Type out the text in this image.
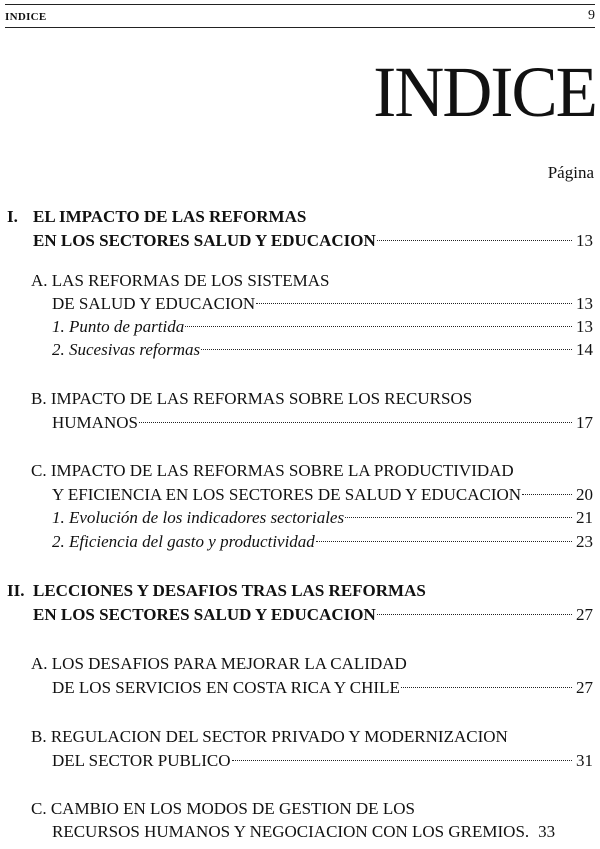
INDICE	9
INDICE
Página
I. EL IMPACTO DE LAS REFORMAS
EN LOS SECTORES SALUD Y EDUCACION	13
A. LAS REFORMAS DE LOS SISTEMAS
DE SALUD Y EDUCACION	13
1. Punto de partida	13
2. Sucesivas reformas	14
B. IMPACTO DE LAS REFORMAS SOBRE LOS RECURSOS
HUMANOS	17
C. IMPACTO DE LAS REFORMAS SOBRE LA PRODUCTIVIDAD
Y EFICIENCIA EN LOS SECTORES DE SALUD Y EDUCACION	20
1. Evolución de los indicadores sectoriales	21
2. Eficiencia del gasto y productividad	23
II. LECCIONES Y DESAFIOS TRAS LAS REFORMAS
EN LOS SECTORES SALUD Y EDUCACION	27
A. LOS DESAFIOS PARA MEJORAR LA CALIDAD
DE LOS SERVICIOS EN COSTA RICA Y CHILE	27
B. REGULACION DEL SECTOR PRIVADO Y MODERNIZACION
DEL SECTOR PUBLICO	31
C. CAMBIO EN LOS MODOS DE GESTION DE LOS
RECURSOS HUMANOS Y NEGOCIACION CON LOS GREMIOS. 33
